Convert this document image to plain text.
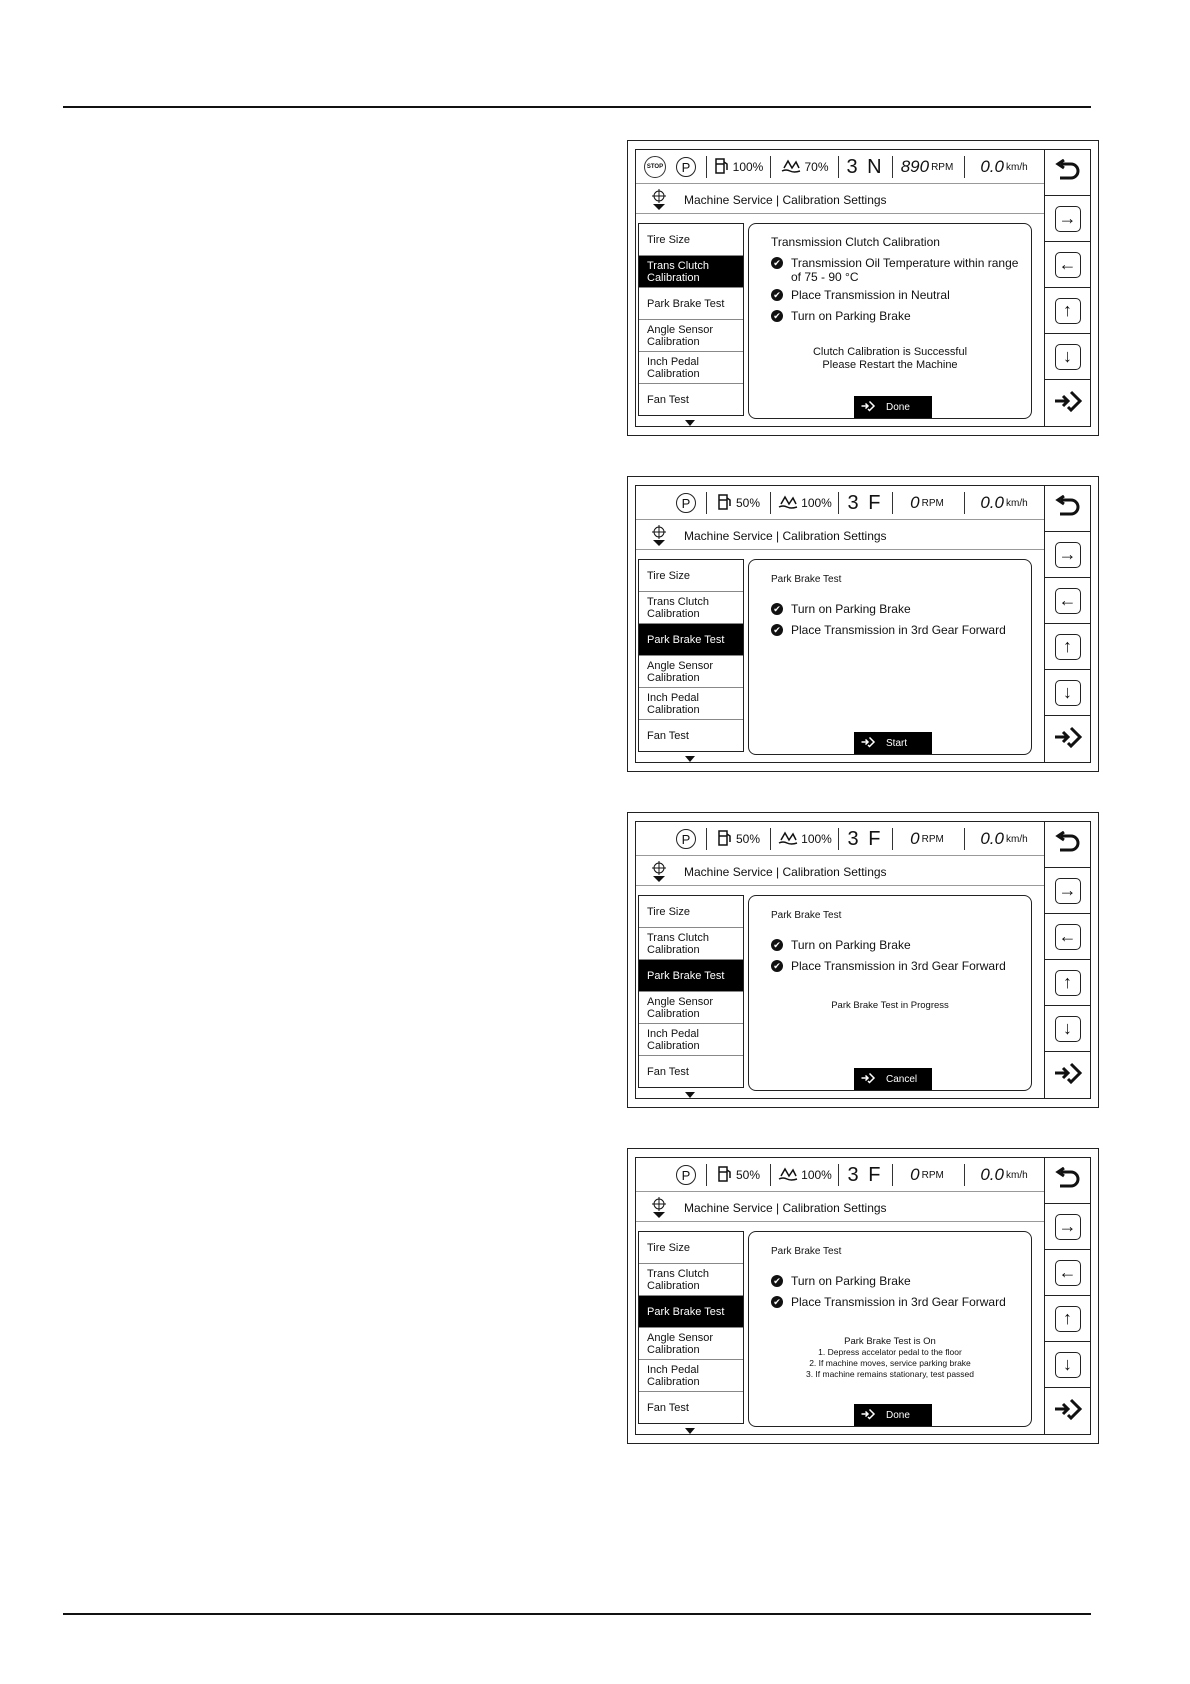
STOP	P	100%	70% 3 N	890 RPM 0.0 km/h
Machine Service | Calibration Settings
Tire Size
Trans Clutch Calibration
Park Brake Test
Angle Sensor Calibration
Inch Pedal Calibration
Fan Test
Transmission Clutch Calibration
✔ Transmission Oil Temperature within range of 75 - 90 °C
✔ Place Transmission in Neutral
✔ Turn on Parking Brake
Clutch Calibration is Successful
Please Restart the Machine
Done
→
←
↑
↓
P	50%	100% 3 F	0 RPM 0.0 km/h
Machine Service | Calibration Settings
Tire Size
Trans Clutch Calibration
Park Brake Test
Angle Sensor Calibration
Inch Pedal Calibration
Fan Test
Park Brake Test
✔ Turn on Parking Brake
✔ Place Transmission in 3rd Gear Forward
Start
→
←
↑
↓
P	50%	100% 3 F	0 RPM 0.0 km/h
Machine Service | Calibration Settings
Tire Size
Trans Clutch Calibration
Park Brake Test
Angle Sensor Calibration
Inch Pedal Calibration
Fan Test
Park Brake Test
✔ Turn on Parking Brake
✔ Place Transmission in 3rd Gear Forward
Park Brake Test in Progress
Cancel
→
←
↑
↓
P	50%	100% 3 F	0 RPM 0.0 km/h
Machine Service | Calibration Settings
Tire Size
Trans Clutch Calibration
Park Brake Test
Angle Sensor Calibration
Inch Pedal Calibration
Fan Test
Park Brake Test
✔ Turn on Parking Brake
✔ Place Transmission in 3rd Gear Forward
Park Brake Test is On
1. Depress accelator pedal to the floor
2. If machine moves, service parking brake
3. If machine remains stationary, test passed
Done
→
←
↑
↓
